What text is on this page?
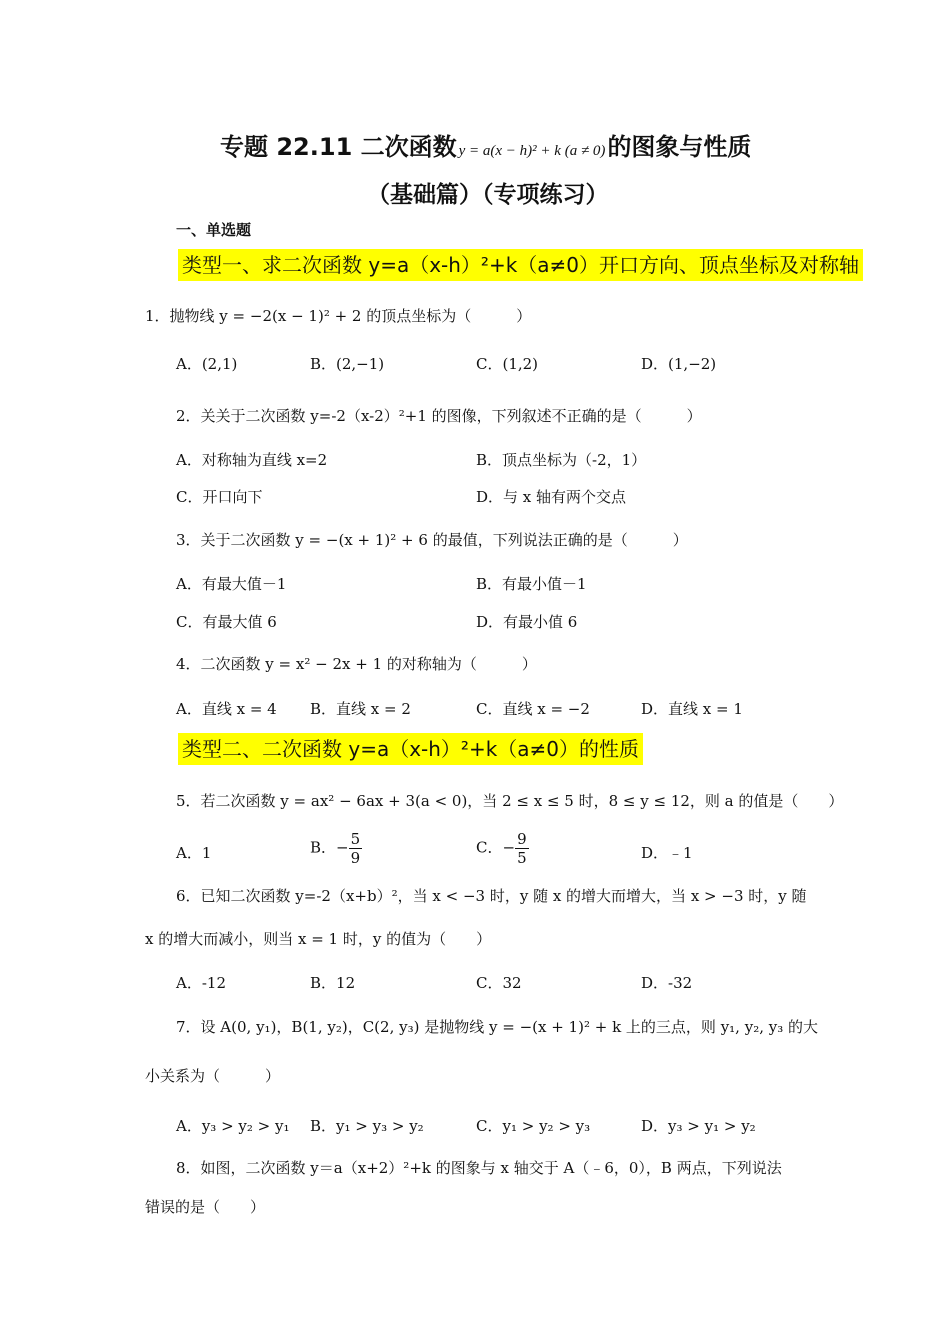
专题 22.11 二次函数 y = a(x − h)² + k (a ≠ 0)的图象与性质
（基础篇）（专项练习）
一、单选题
类型一、求二次函数 y=a（x-h）²+k（a≠0）开口方向、顶点坐标及对称轴
1．抛物线 y = −2(x − 1)² + 2 的顶点坐标为（　　　）
A．(2,1)	B．(2,−1)	C．(1,2)	D．(1,−2)
2．关关于二次函数 y=-2（x-2）²+1 的图像，下列叙述不正确的是（　　　）
A．对称轴为直线 x=2	B．顶点坐标为（-2，1）
C．开口向下	D．与 x 轴有两个交点
3．关于二次函数 y = −(x + 1)² + 6 的最值，下列说法正确的是（　　　）
A．有最大值－1	B．有最小值－1
C．有最大值 6	D．有最小值 6
4．二次函数 y = x² − 2x + 1 的对称轴为（　　　）
A．直线 x = 4 B．直线 x = 2	C．直线 x = −2	D．直线 x = 1
类型二、二次函数 y=a（x-h）²+k（a≠0）的性质
5．若二次函数 y = ax² − 6ax + 3(a < 0)，当 2 ≤ x ≤ 5 时，8 ≤ y ≤ 12，则 a 的值是（　　）
A．1	B．− $\frac{5}{9}$	C．− $\frac{9}{5}$	D．﹣1
6．已知二次函数 y=-2（x+b）²，当 x < −3 时，y 随 x 的增大而增大，当 x > −3 时，y 随
x 的增大而减小，则当 x = 1 时，y 的值为（　　）
A．-12	B．12	C．32	D．-32
7．设 A(0, y₁)，B(1, y₂)，C(2, y₃) 是抛物线 y = −(x + 1)² + k 上的三点，则 y₁, y₂, y₃ 的大
小关系为（　　　）
A．y₃ > y₂ > y₁ B．y₁ > y₃ > y₂	C．y₁ > y₂ > y₃	D．y₃ > y₁ > y₂
8．如图，二次函数 y＝a（x+2）²+k 的图象与 x 轴交于 A（﹣6，0），B 两点，下列说法
错误的是（　　）
